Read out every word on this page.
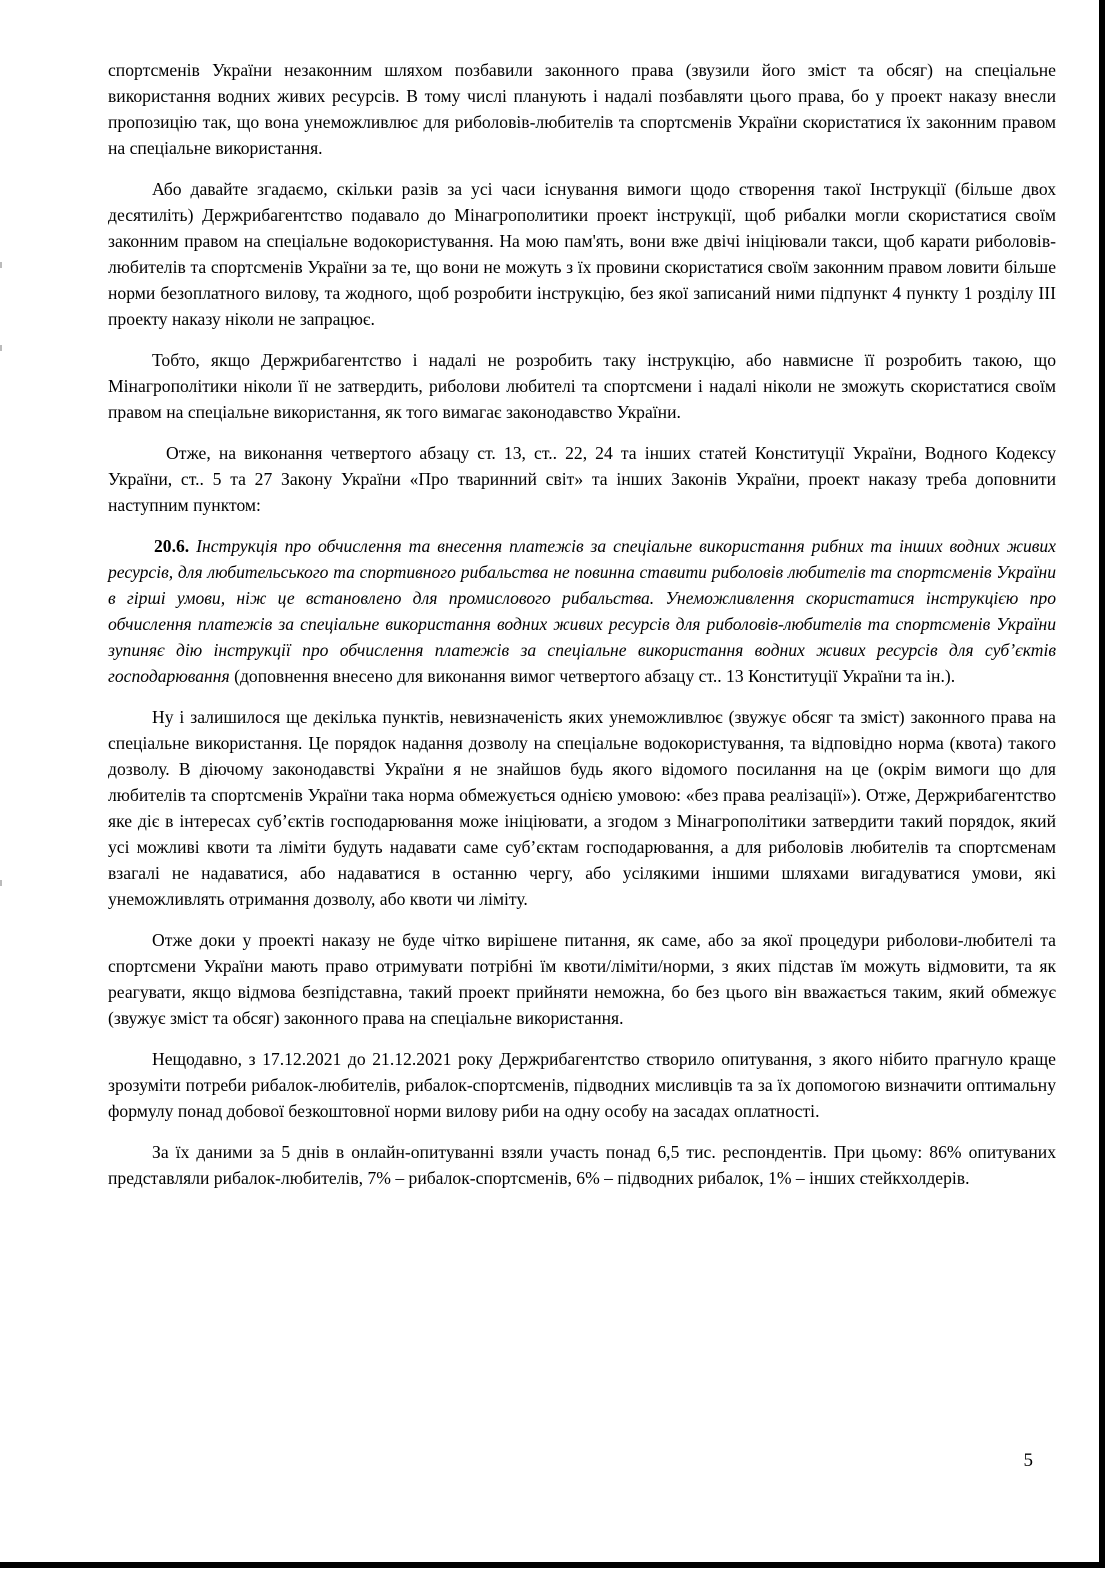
спортсменів України незаконним шляхом позбавили законного права (звузили його зміст та обсяг) на спеціальне використання водних живих ресурсів. В тому числі планують і надалі позбавляти цього права, бо у проект наказу внесли пропозицію так, що вона унеможливлює для риболовів-любителів та спортсменів України скористатися їх законним правом на спеціальне використання.

Або давайте згадаємо, скільки разів за усі часи існування вимоги щодо створення такої Інструкції (більше двох десятиліть) Держрибагентство подавало до Мінагрополитики проект інструкції, щоб рибалки могли скористатися своїм законним правом на спеціальне водокористування. На мою пам'ять, вони вже двічі ініціювали такси, щоб карати риболовів-любителів та спортсменів України за те, що вони не можуть з їх провини скористатися своїм законним правом ловити більше норми безоплатного вилову, та жодного, щоб розробити інструкцію, без якої записаний ними підпункт 4 пункту 1 розділу ІІІ проекту наказу ніколи не запрацює.

Тобто, якщо Держрибагентство і надалі не розробить таку інструкцію, або навмисне її розробить такою, що Мінагрополітики ніколи її не затвердить, риболови любителі та спортсмени і надалі ніколи не зможуть скористатися своїм правом на спеціальне використання, як того вимагає законодавство України.

Отже, на виконання четвертого абзацу ст. 13, ст.. 22, 24 та інших статей Конституції України, Водного Кодексу України, ст.. 5 та 27 Закону України «Про тваринний світ» та інших Законів України, проект наказу треба доповнити наступним пунктом:

20.6. Інструкція про обчислення та внесення платежів за спеціальне використання рибних та інших водних живих ресурсів, для любительського та спортивного рибальства не повинна ставити риболовів любителів та спортсменів України в гірші умови, ніж це встановлено для промислового рибальства. Унеможливлення скористатися інструкцією про обчислення платежів за спеціальне використання водних живих ресурсів для риболовів-любителів та спортсменів України зупиняє дію інструкції про обчислення платежів за спеціальне використання водних живих ресурсів для суб’єктів господарювання (доповнення внесено для виконання вимог четвертого абзацу ст.. 13 Конституції України та ін.).

Ну і залишилося ще декілька пунктів, невизначеність яких унеможливлює (звужує обсяг та зміст) законного права на спеціальне використання. Це порядок надання дозволу на спеціальне водокористування, та відповідно норма (квота) такого дозволу. В діючому законодавстві України я не знайшов будь якого відомого посилання на це (окрім вимоги що для любителів та спортсменів України така норма обмежується однією умовою: «без права реалізації»). Отже, Держрибагентство яке діє в інтересах суб’єктів господарювання може ініціювати, а згодом з Мінагрополітики затвердити такий порядок, який усі можливі квоти та ліміти будуть надавати саме суб’єктам господарювання, а для риболовів любителів та спортсменам взагалі не надаватися, або надаватися в останню чергу, або усілякими іншими шляхами вигадуватися умови, які унеможливлять отримання дозволу, або квоти чи ліміту.

Отже доки у проекті наказу не буде чітко вирішене питання, як саме, або за якої процедури риболови-любителі та спортсмени України мають право отримувати потрібні їм квоти/ліміти/норми, з яких підстав їм можуть відмовити, та як реагувати, якщо відмова безпідставна, такий проект прийняти неможна, бо без цього він вважається таким, який обмежує (звужує зміст та обсяг) законного права на спеціальне використання.

Нещодавно, з 17.12.2021 до 21.12.2021 року Держрибагентство створило опитування, з якого нібито прагнуло краще зрозуміти потреби рибалок-любителів, рибалок-спортсменів, підводних мисливців та за їх допомогою визначити оптимальну формулу понад добової безкоштовної норми вилову риби на одну особу на засадах оплатності.

За їх даними за 5 днів в онлайн-опитуванні взяли участь понад 6,5 тис. респондентів. При цьому: 86% опитуваних представляли рибалок-любителів, 7% – рибалок-спортсменів, 6% – підводних рибалок, 1% – інших стейкхолдерів.

5
